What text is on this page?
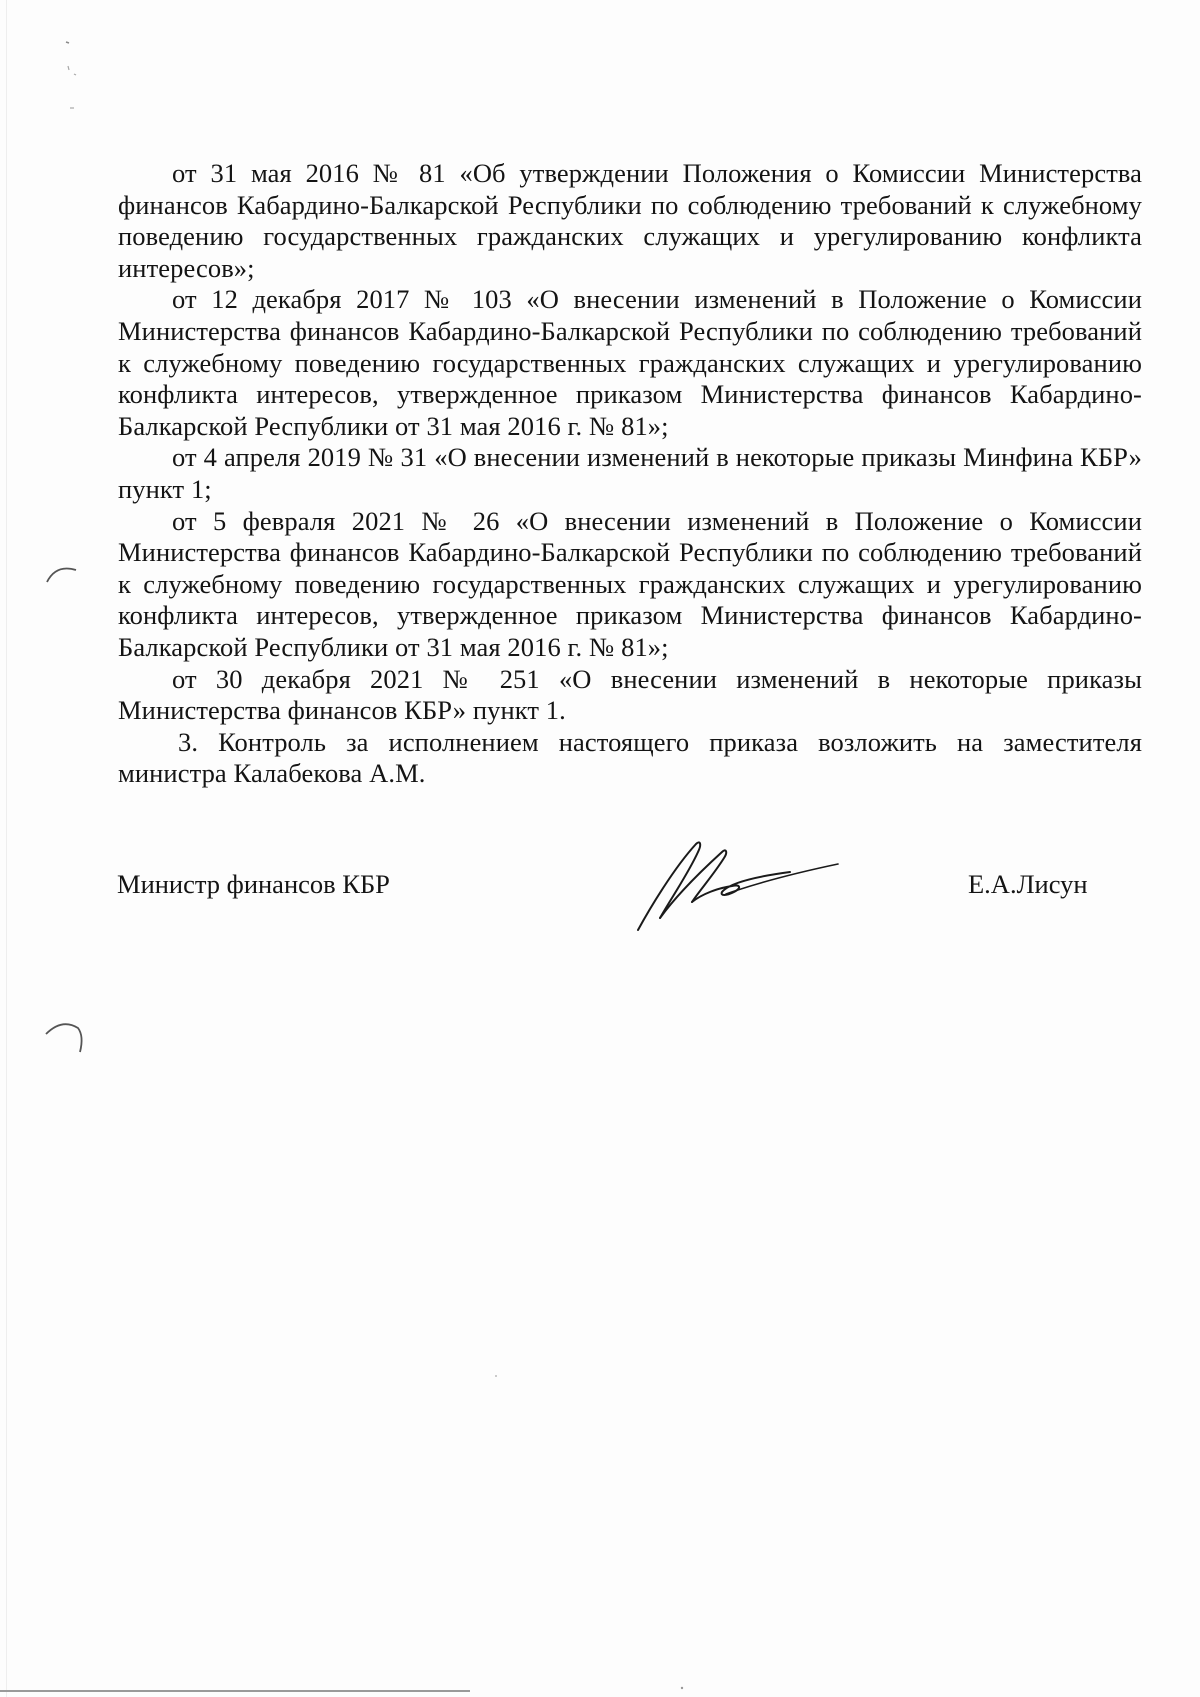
от 31 мая 2016 № 81 «Об утверждении Положения о Комиссии Министерства финансов Кабардино-Балкарской Республики по соблюдению требований к служебному поведению государственных гражданских служащих и урегулированию конфликта интересов»;

от 12 декабря 2017 № 103 «О внесении изменений в Положение о Комиссии Министерства финансов Кабардино-Балкарской Республики по соблюдению требований к служебному поведению государственных гражданских служащих и урегулированию конфликта интересов, утвержденное приказом Министерства финансов Кабардино-Балкарской Республики от 31 мая 2016 г. № 81»;

от 4 апреля 2019 № 31 «О внесении изменений в некоторые приказы Минфина КБР» пункт 1;

от 5 февраля 2021 № 26 «О внесении изменений в Положение о Комиссии Министерства финансов Кабардино-Балкарской Республики по соблюдению требований к служебному поведению государственных гражданских служащих и урегулированию конфликта интересов, утвержденное приказом Министерства финансов Кабардино-Балкарской Республики от 31 мая 2016 г. № 81»;

от 30 декабря 2021 № 251 «О внесении изменений в некоторые приказы Министерства финансов КБР» пункт 1.

3. Контроль за исполнением настоящего приказа возложить на заместителя министра Калабекова А.М.

Министр финансов КБР	Е.А.Лисун
